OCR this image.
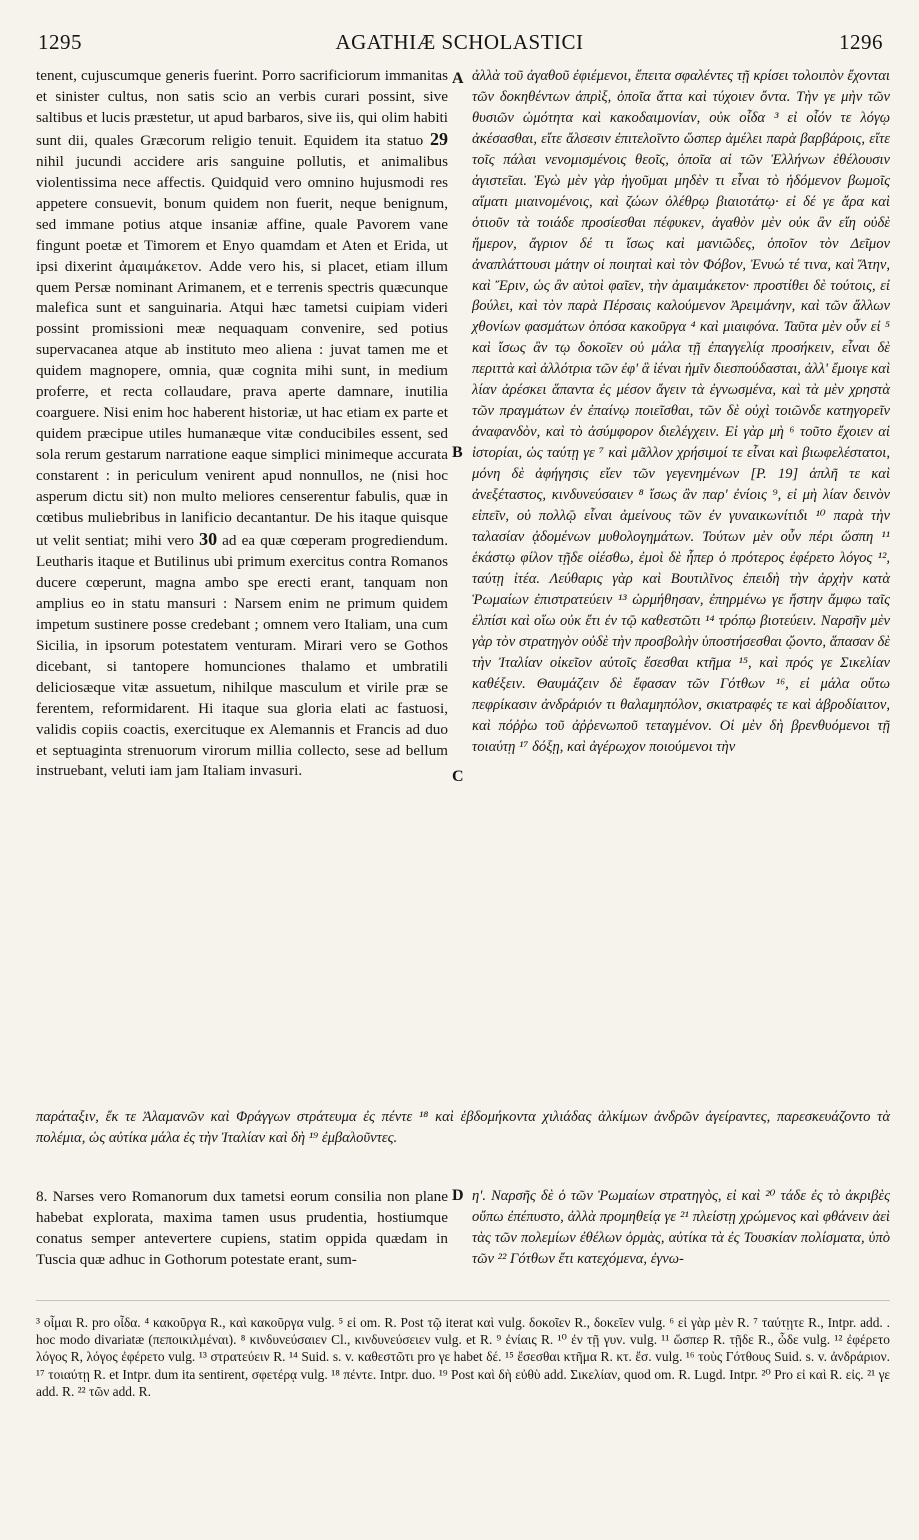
1295	AGATHIÆ SCHOLASTICI	1296

tenent, cujuscumque generis fuerint. Porro sacrificiorum immanitas et sinister cultus, non satis scio an verbis curari possint, sive saltibus et lucis præstetur, ut apud barbaros, sive iis, qui olim habiti sunt dii, quales Græcorum religio tenuit. Equidem ita statuo 29 nihil jucundi accidere aris sanguine pollutis, et animalibus violentissima nece affectis. Quidquid vero omnino hujusmodi res appetere consuevit, bonum quidem non fuerit, neque benignum, sed immane potius atque insaniæ affine, quale Pavorem vane fingunt poetæ et Timorem et Enyo quamdam et Aten et Erida, ut ipsi dixerint ἀμαιμάκετον. Adde vero his, si placet, etiam illum quem Persæ nominant Arimanem, et e terrenis spectris quæcunque malefica sunt et sanguinaria. Atqui hæc tametsi cuipiam videri possint promissioni meæ nequaquam convenire, sed potius supervacanea atque ab instituto meo aliena : juvat tamen me et quidem magnopere, omnia, quæ cognita mihi sunt, in medium proferre, et recta collaudare, prava aperte damnare, inutilia coarguere. Nisi enim hoc haberent historiæ, ut hac etiam ex parte et quidem præcipue utiles humanæque vitæ conducibiles essent, sed sola rerum gestarum narratione eaque simplici minimeque accurata constarent : in periculum venirent apud nonnullos, ne (nisi hoc asperum dictu sit) non multo meliores censerentur fabulis, quæ in cœtibus muliebribus in lanificio decantantur. De his itaque quisque ut velit sentiat; mihi vero 30 ad ea quæ cœperam progrediendum. Leutharis itaque et Butilinus ubi primum exercitus contra Romanos ducere cœperunt, magna ambo spe erecti erant, tanquam non amplius eo in statu mansuri : Narsem enim ne primum quidem impetum sustinere posse credebant ; omnem vero Italiam, una cum Sicilia, in ipsorum potestatem venturam. Mirari vero se Gothos dicebant, si tantopere homunciones thalamo et umbratili deliciosæque vitæ assuetum, nihilque masculum et virile præ se ferentem, reformidarent. Hi itaque sua gloria elati ac fastuosi, validis copiis coactis, exercituque ex Alemannis et Francis ad duo et septuaginta strenuorum virorum millia collecto, sese ad bellum instruebant, veluti iam jam Italiam invasuri.

A
B
C
D

ἀλλὰ τοῦ ἀγαθοῦ ἐφιέμενοι, ἔπειτα σφαλέντες τῇ κρίσει τολοιπὸν ἔχονται τῶν δοκηθέντων ἀπρὶξ, ὁποῖα ἄττα καὶ τύχοιεν ὄντα. Τὴν γε μὴν τῶν θυσιῶν ὠμότητα καὶ κακοδαιμονίαν, οὐκ οἶδα ³ εἰ οἷόν τε λόγῳ ἀκέσασθαι, εἴτε ἄλσεσιν ἐπιτελοῖντο ὥσπερ ἀμέλει παρὰ βαρβάροις, εἴτε τοῖς πάλαι νενομισμένοις θεοῖς, ὁποῖα αἱ τῶν Ἑλλήνων ἐθέλουσιν ἁγιστεῖαι. Ἐγὼ μὲν γὰρ ἡγοῦμαι μηδὲν τι εἶναι τὸ ἡδόμενον βωμοῖς αἵματι μιαινομένοις, καὶ ζώων ὀλέθρῳ βιαιοτάτῳ· εἰ δέ γε ἄρα καὶ ὁτιοῦν τὰ τοιάδε προσίεσθαι πέφυκεν, ἀγαθὸν μὲν οὐκ ἂν εἴη οὐδὲ ἥμερον, ἄγριον δέ τι ἴσως καὶ μανιῶδες, ὁποῖον τὸν Δεῖμον ἀναπλάττουσι μάτην οἱ ποιηταὶ καὶ τὸν Φόβον, Ἐνυώ τέ τινα, καὶ Ἄτην, καὶ Ἔριν, ὡς ἂν αὐτοὶ φαῖεν, τὴν ἀμαιμάκετον· προστίθει δὲ τούτοις, εἰ βούλει, καὶ τὸν παρὰ Πέρσαις καλούμενον Ἀρειμάνην, καὶ τῶν ἄλλων χθονίων φασμάτων ὁπόσα κακοῦργα ⁴ καὶ μιαιφόνα. Ταῦτα μὲν οὖν εἰ ⁵ καὶ ἴσως ἂν τῳ δοκοῖεν οὐ μάλα τῇ ἐπαγγελίᾳ προσήκειν, εἶναι δὲ περιττὰ καὶ ἀλλότρια τῶν ἐφ' ἃ ἰέναι ἡμῖν διεσπούδασται, ἀλλ' ἔμοιγε καὶ λίαν ἀρέσκει ἅπαντα ἐς μέσον ἄγειν τὰ ἐγνωσμένα, καὶ τὰ μὲν χρηστὰ τῶν πραγμάτων ἐν ἐπαίνῳ ποιεῖσθαι, τῶν δὲ οὐχὶ τοιῶνδε κατηγορεῖν ἀναφανδὸν, καὶ τὸ ἀσύμφορον διελέγχειν. Εἰ γὰρ μὴ ⁶ τοῦτο ἔχοιεν αἱ ἱστορίαι, ὡς ταύτῃ γε ⁷ καὶ μᾶλλον χρήσιμοί τε εἶναι καὶ βιωφελέστατοι, μόνη δὲ ἀφήγησις εἴεν τῶν γεγενημένων [P. 19] ἁπλῆ τε καὶ ἀνεξέταστος, κινδυνεύσαιεν ⁸ ἴσως ἂν παρ' ἐνίοις ⁹, εἰ μὴ λίαν δεινὸν εἰπεῖν, οὐ πολλῷ εἶναι ἀμείνους τῶν ἐν γυναικωνίτιδι ¹⁰ παρὰ τὴν ταλασίαν ᾀδομένων μυθολογημάτων. Τούτων μὲν οὖν πέρι ὥσπη ¹¹ ἑκάστῳ φίλον τῇδε οἰέσθω, ἐμοὶ δὲ ἧπερ ὁ πρότερος ἐφέρετο λόγος ¹², ταύτῃ ἰτέα. Λεύθαρις γὰρ καὶ Βουτιλῖνος ἐπειδὴ τὴν ἀρχὴν κατὰ Ῥωμαίων ἐπιστρατεύειν ¹³ ὡρμήθησαν, ἐπηρμένω γε ἤστην ἄμφω ταῖς ἐλπίσι καὶ οἵω οὐκ ἔτι ἐν τῷ καθεστῶτι ¹⁴ τρόπῳ βιοτεύειν. Ναρσῆν μὲν γὰρ τὸν στρατηγὸν οὐδὲ τὴν προσβολὴν ὑποστήσεσθαι ᾤοντο, ἅπασαν δὲ τὴν Ἰταλίαν οἰκεῖον αὐτοῖς ἔσεσθαι κτῆμα ¹⁵, καὶ πρός γε Σικελίαν καθέξειν. Θαυμάζειν δὲ ἔφασαν τῶν Γότθων ¹⁶, εἰ μάλα οὕτω πεφρίκασιν ἀνδράριόν τι θαλαμηπόλον, σκιατραφές τε καὶ ἁβροδίαιτον, καὶ πόῤῥω τοῦ ἀῤῥενωποῦ τεταγμένον. Οἱ μὲν δὴ βρενθυόμενοι τῇ τοιαύτῃ ¹⁷ δόξῃ, καὶ ἀγέρωχον ποιούμενοι τὴν

παράταξιν, ἔκ τε Ἀλαμανῶν καὶ Φράγγων στράτευμα ἐς πέντε ¹⁸ καὶ ἑβδομήκοντα χιλιάδας ἀλκίμων ἀνδρῶν ἀγείραντες, παρεσκευάζοντο τὰ πολέμια, ὡς αὐτίκα μάλα ἐς τὴν Ἰταλίαν καὶ δὴ ¹⁹ ἐμβαλοῦντες.

8. Narses vero Romanorum dux tametsi eorum consilia non plane habebat explorata, maxima tamen usus prudentia, hostiumque conatus semper antevertere cupiens, statim oppida quædam in Tuscia quæ adhuc in Gothorum potestate erant, sum-

η'. Ναρσῆς δὲ ὁ τῶν Ῥωμαίων στρατηγὸς, εἰ καὶ ²⁰ τάδε ἐς τὸ ἀκριβὲς οὔπω ἐπέπυστο, ἀλλὰ προμηθείᾳ γε ²¹ πλείστῃ χρώμενος καὶ φθάνειν ἀεὶ τὰς τῶν πολεμίων ἐθέλων ὁρμὰς, αὐτίκα τὰ ἐς Τουσκίαν πολίσματα, ὑπὸ τῶν ²² Γότθων ἔτι κατεχόμενα, ἐγνω-

³ οἶμαι R. pro οἶδα. ⁴ κακοῦργα R., καὶ κακοῦργα vulg. ⁵ εἰ om. R. Post τῷ iterat καὶ vulg. δοκοῖεν R., δοκεῖεν vulg. ⁶ εἰ γὰρ μὲν R. ⁷ ταύτῃτε R., Intpr. add. . hoc modo divariatæ (πεποικιλμέναι). ⁸ κινδυνεύσαιεν Cl., κινδυνεύσειεν vulg. et R. ⁹ ἐνίαις R. ¹⁰ ἐν τῇ γυν. vulg. ¹¹ ὥσπερ R. τῇδε R., ὧδε vulg. ¹² ἐφέρετο λόγος R, λόγος ἐφέρετο vulg. ¹³ στρατεύειν R. ¹⁴ Suid. s. v. καθεστῶτι pro γε habet δέ. ¹⁵ ἔσεσθαι κτῆμα R. κτ. ἔσ. vulg. ¹⁶ τοὺς Γότθους Suid. s. v. ἀνδράριον. ¹⁷ τοιαύτῃ R. et Intpr. dum ita sentirent, σφετέρᾳ vulg. ¹⁸ πέντε. Intpr. duo. ¹⁹ Post καὶ δὴ εὐθὺ add. Σικελίαν, quod om. R. Lugd. Intpr. ²⁰ Pro εἰ καὶ R. εἰς. ²¹ γε add. R. ²² τῶν add. R.
